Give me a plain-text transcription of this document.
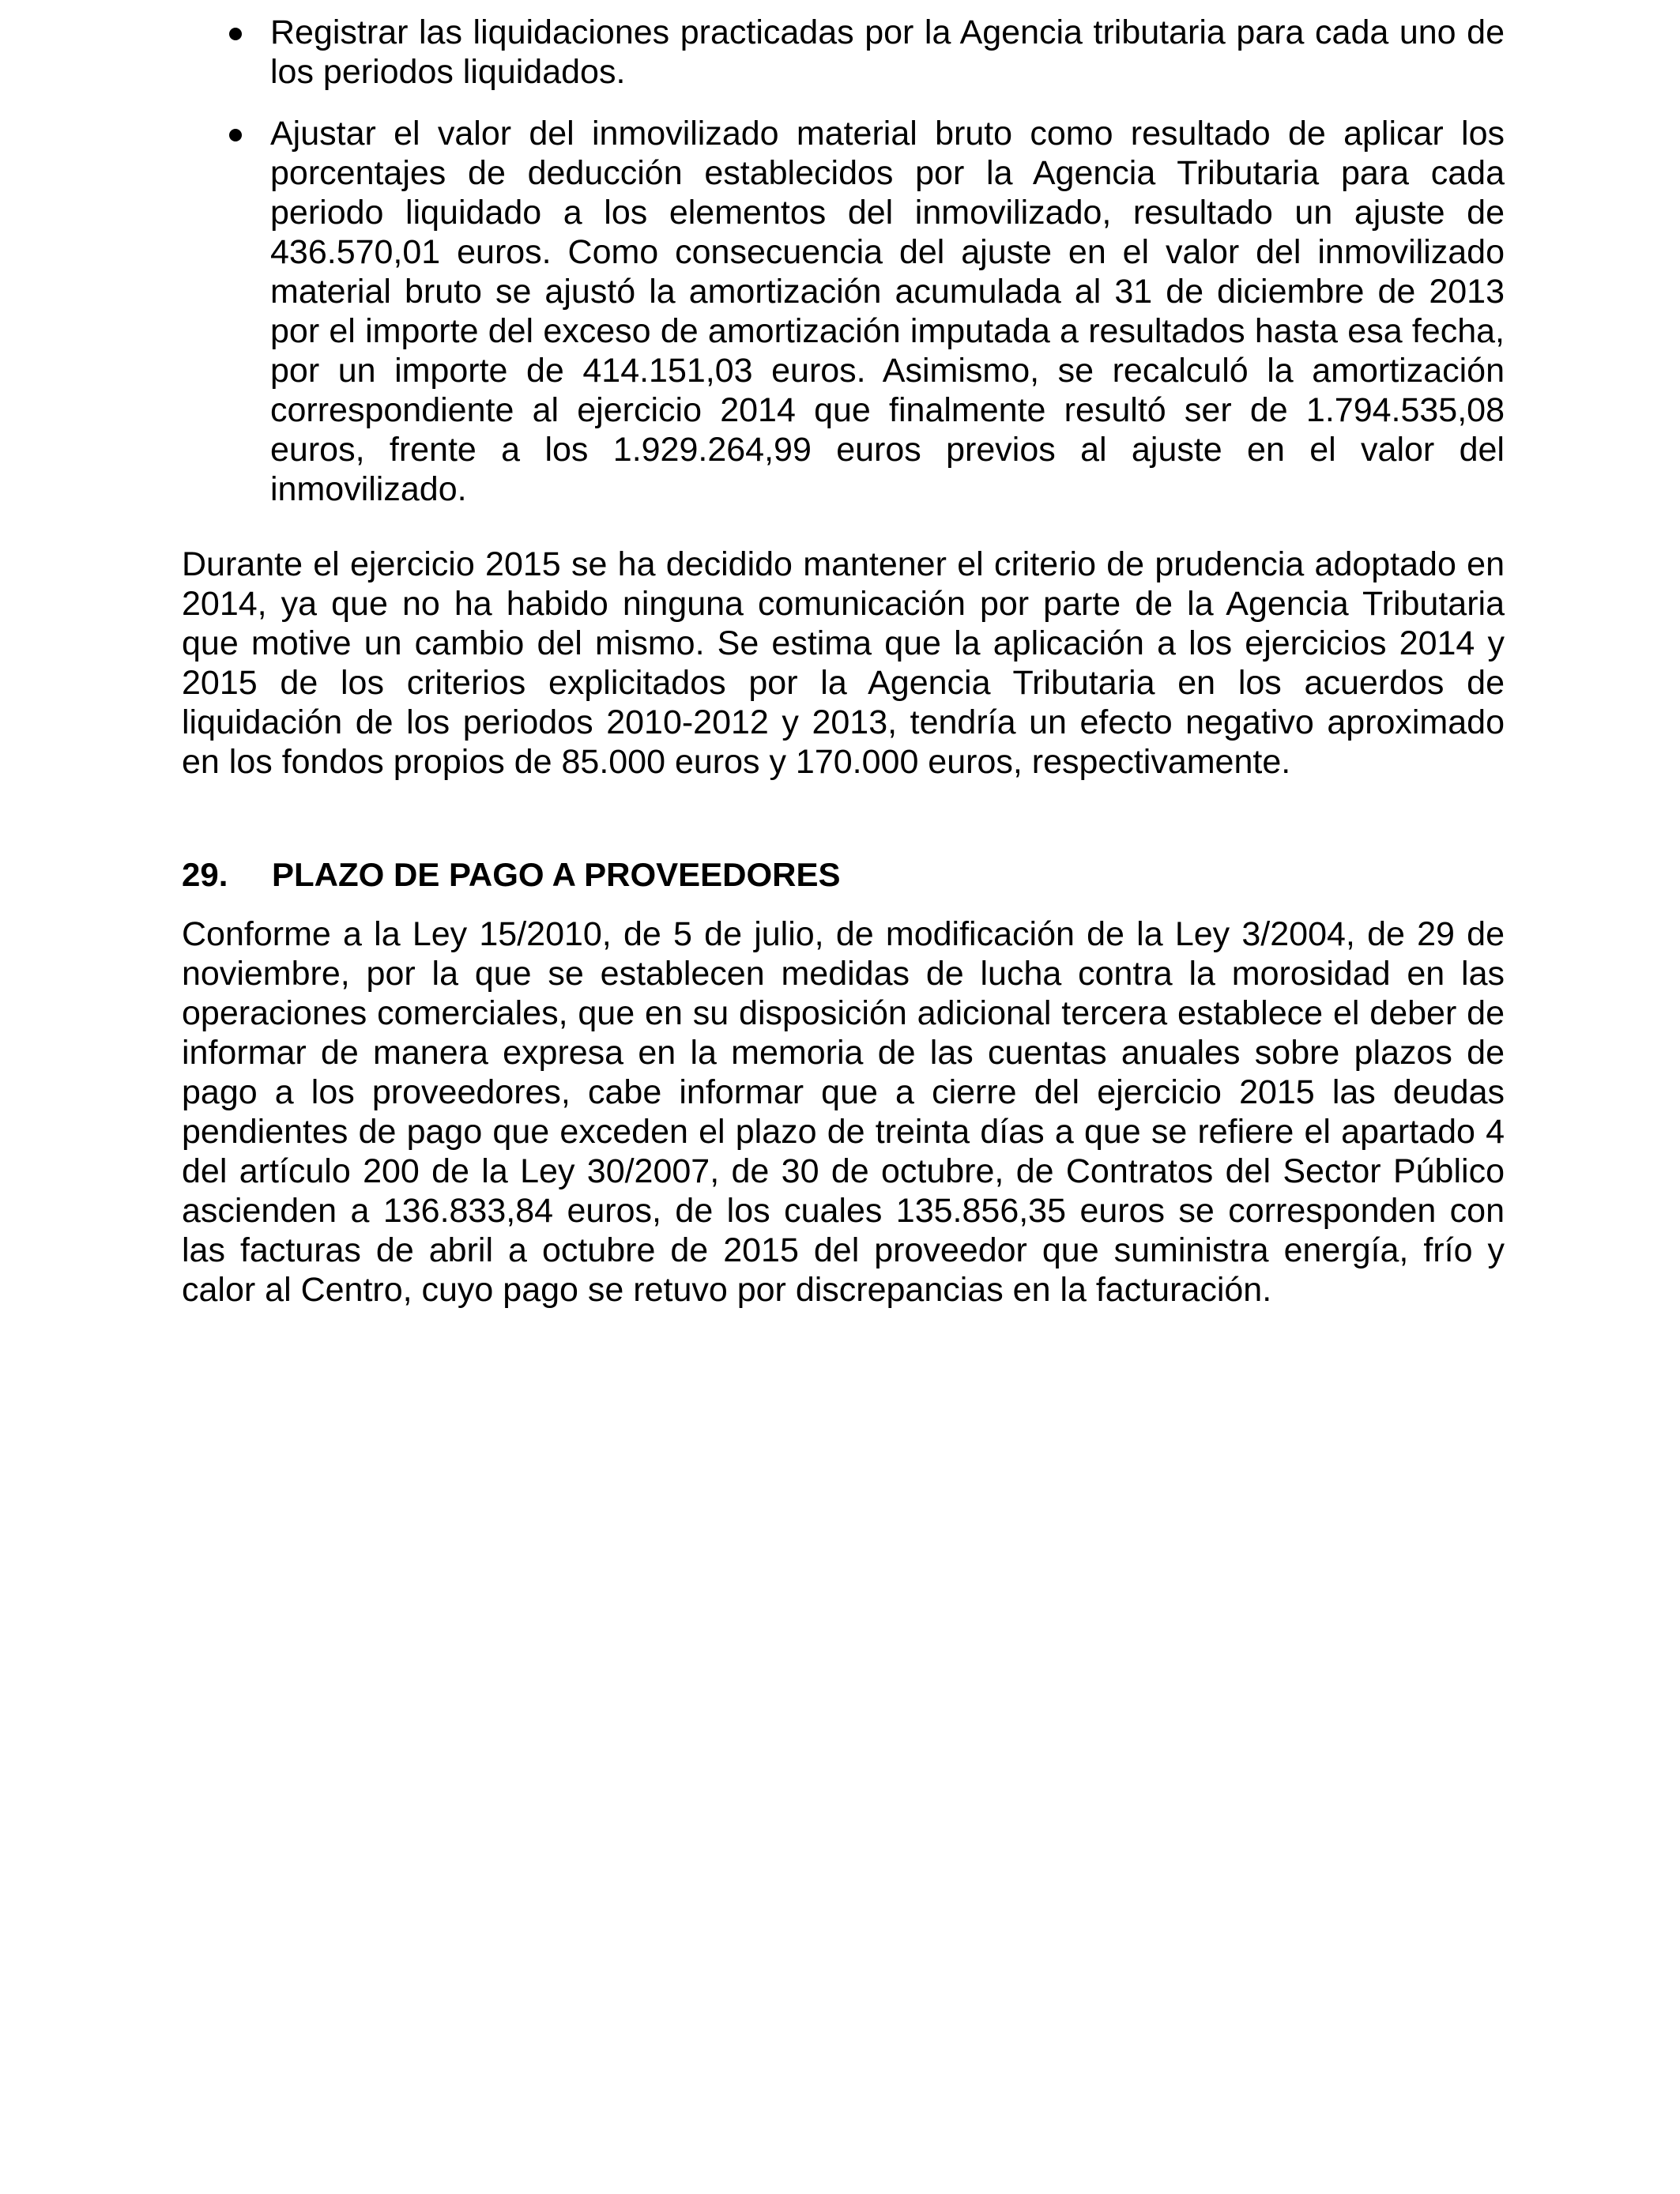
Registrar las liquidaciones practicadas por la Agencia tributaria para cada uno de los periodos liquidados.
Ajustar el valor del inmovilizado material bruto como resultado de aplicar los porcentajes de deducción establecidos por la Agencia Tributaria para cada periodo liquidado a los elementos del inmovilizado, resultado un ajuste de 436.570,01 euros. Como consecuencia del ajuste en el valor del inmovilizado material bruto se ajustó la amortización acumulada al 31 de diciembre de 2013 por el importe del exceso de amortización imputada a resultados hasta esa fecha, por un importe de 414.151,03 euros. Asimismo, se recalculó la amortización correspondiente al ejercicio 2014 que finalmente resultó ser de 1.794.535,08 euros, frente a los 1.929.264,99 euros previos al ajuste en el valor del inmovilizado.
Durante el ejercicio 2015 se ha decidido mantener el criterio de prudencia adoptado en 2014, ya que no ha habido ninguna comunicación por parte de la Agencia Tributaria que motive un cambio del mismo. Se estima que la aplicación a los ejercicios 2014 y 2015 de los criterios explicitados por la Agencia Tributaria en los acuerdos de liquidación de los periodos 2010-2012 y 2013, tendría un efecto negativo aproximado en los fondos propios de 85.000 euros y 170.000 euros, respectivamente.
29. PLAZO DE PAGO A PROVEEDORES
Conforme a la Ley 15/2010, de 5 de julio, de modificación de la Ley 3/2004, de 29 de noviembre, por la que se establecen medidas de lucha contra la morosidad en las operaciones comerciales, que en su disposición adicional tercera establece el deber de informar de manera expresa en la memoria de las cuentas anuales sobre plazos de pago a los proveedores, cabe informar que a cierre del ejercicio 2015 las deudas pendientes de pago que exceden el plazo de treinta días a que se refiere el apartado 4 del artículo 200 de la Ley 30/2007, de 30 de octubre, de Contratos del Sector Público ascienden a 136.833,84 euros, de los cuales 135.856,35 euros se corresponden con las facturas de abril a octubre de 2015 del proveedor que suministra energía, frío y calor al Centro, cuyo pago se retuvo por discrepancias en la facturación.
